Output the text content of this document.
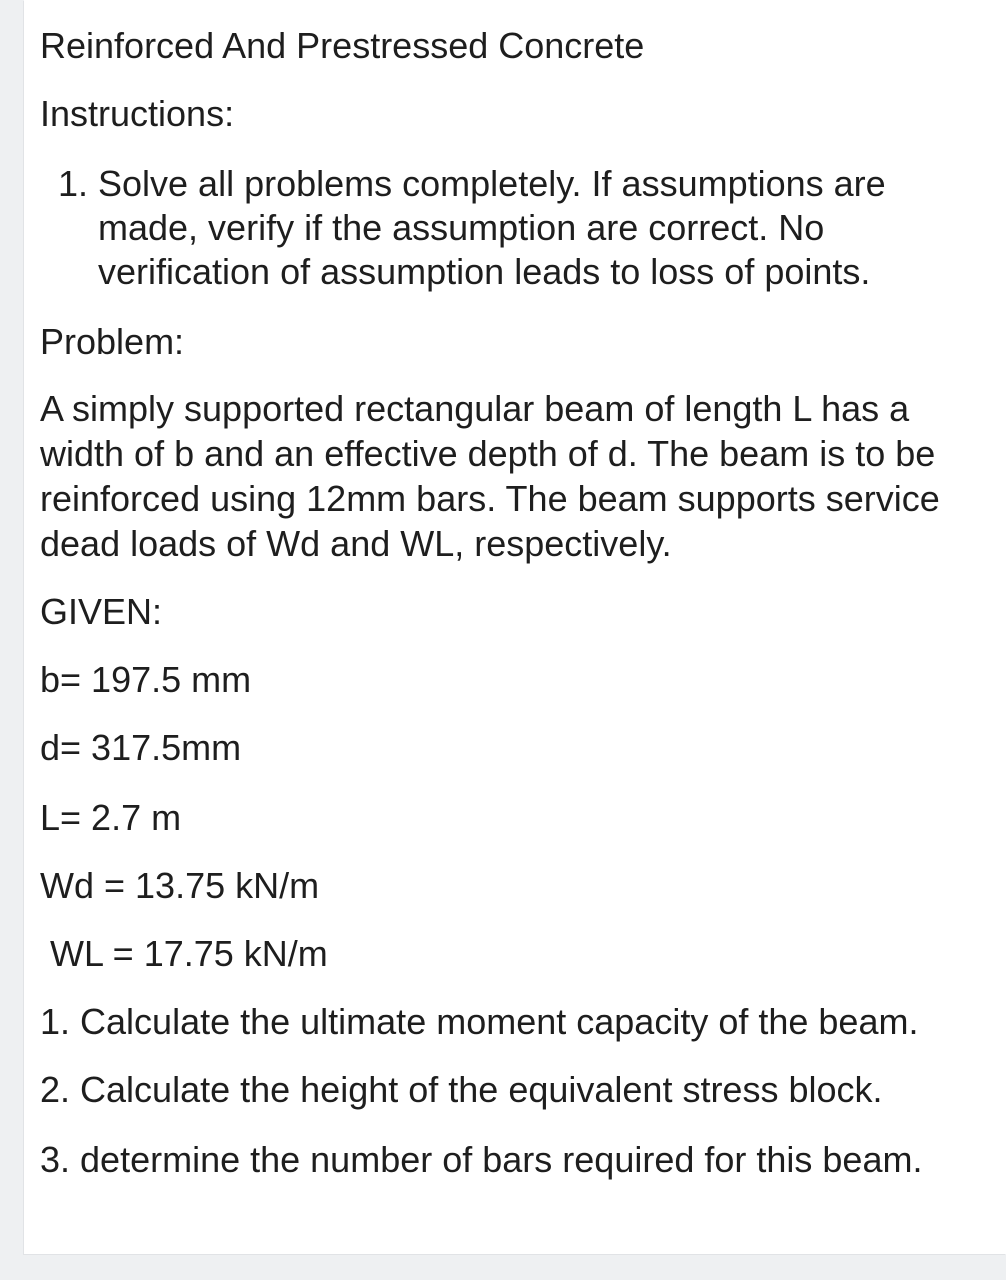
Reinforced And Prestressed Concrete

Instructions:

1. Solve all problems completely. If assumptions are
made, verify if the assumption are correct. No
verification of assumption leads to loss of points.

Problem:

A simply supported rectangular beam of length L has a
width of b and an effective depth of d. The beam is to be
reinforced using 12mm bars. The beam supports service
dead loads of Wd and WL, respectively.

GIVEN:

b= 197.5 mm

d= 317.5mm

L= 2.7 m

Wd = 13.75 kN/m

WL = 17.75 kN/m

1. Calculate the ultimate moment capacity of the beam.

2. Calculate the height of the equivalent stress block.

3. determine the number of bars required for this beam.
